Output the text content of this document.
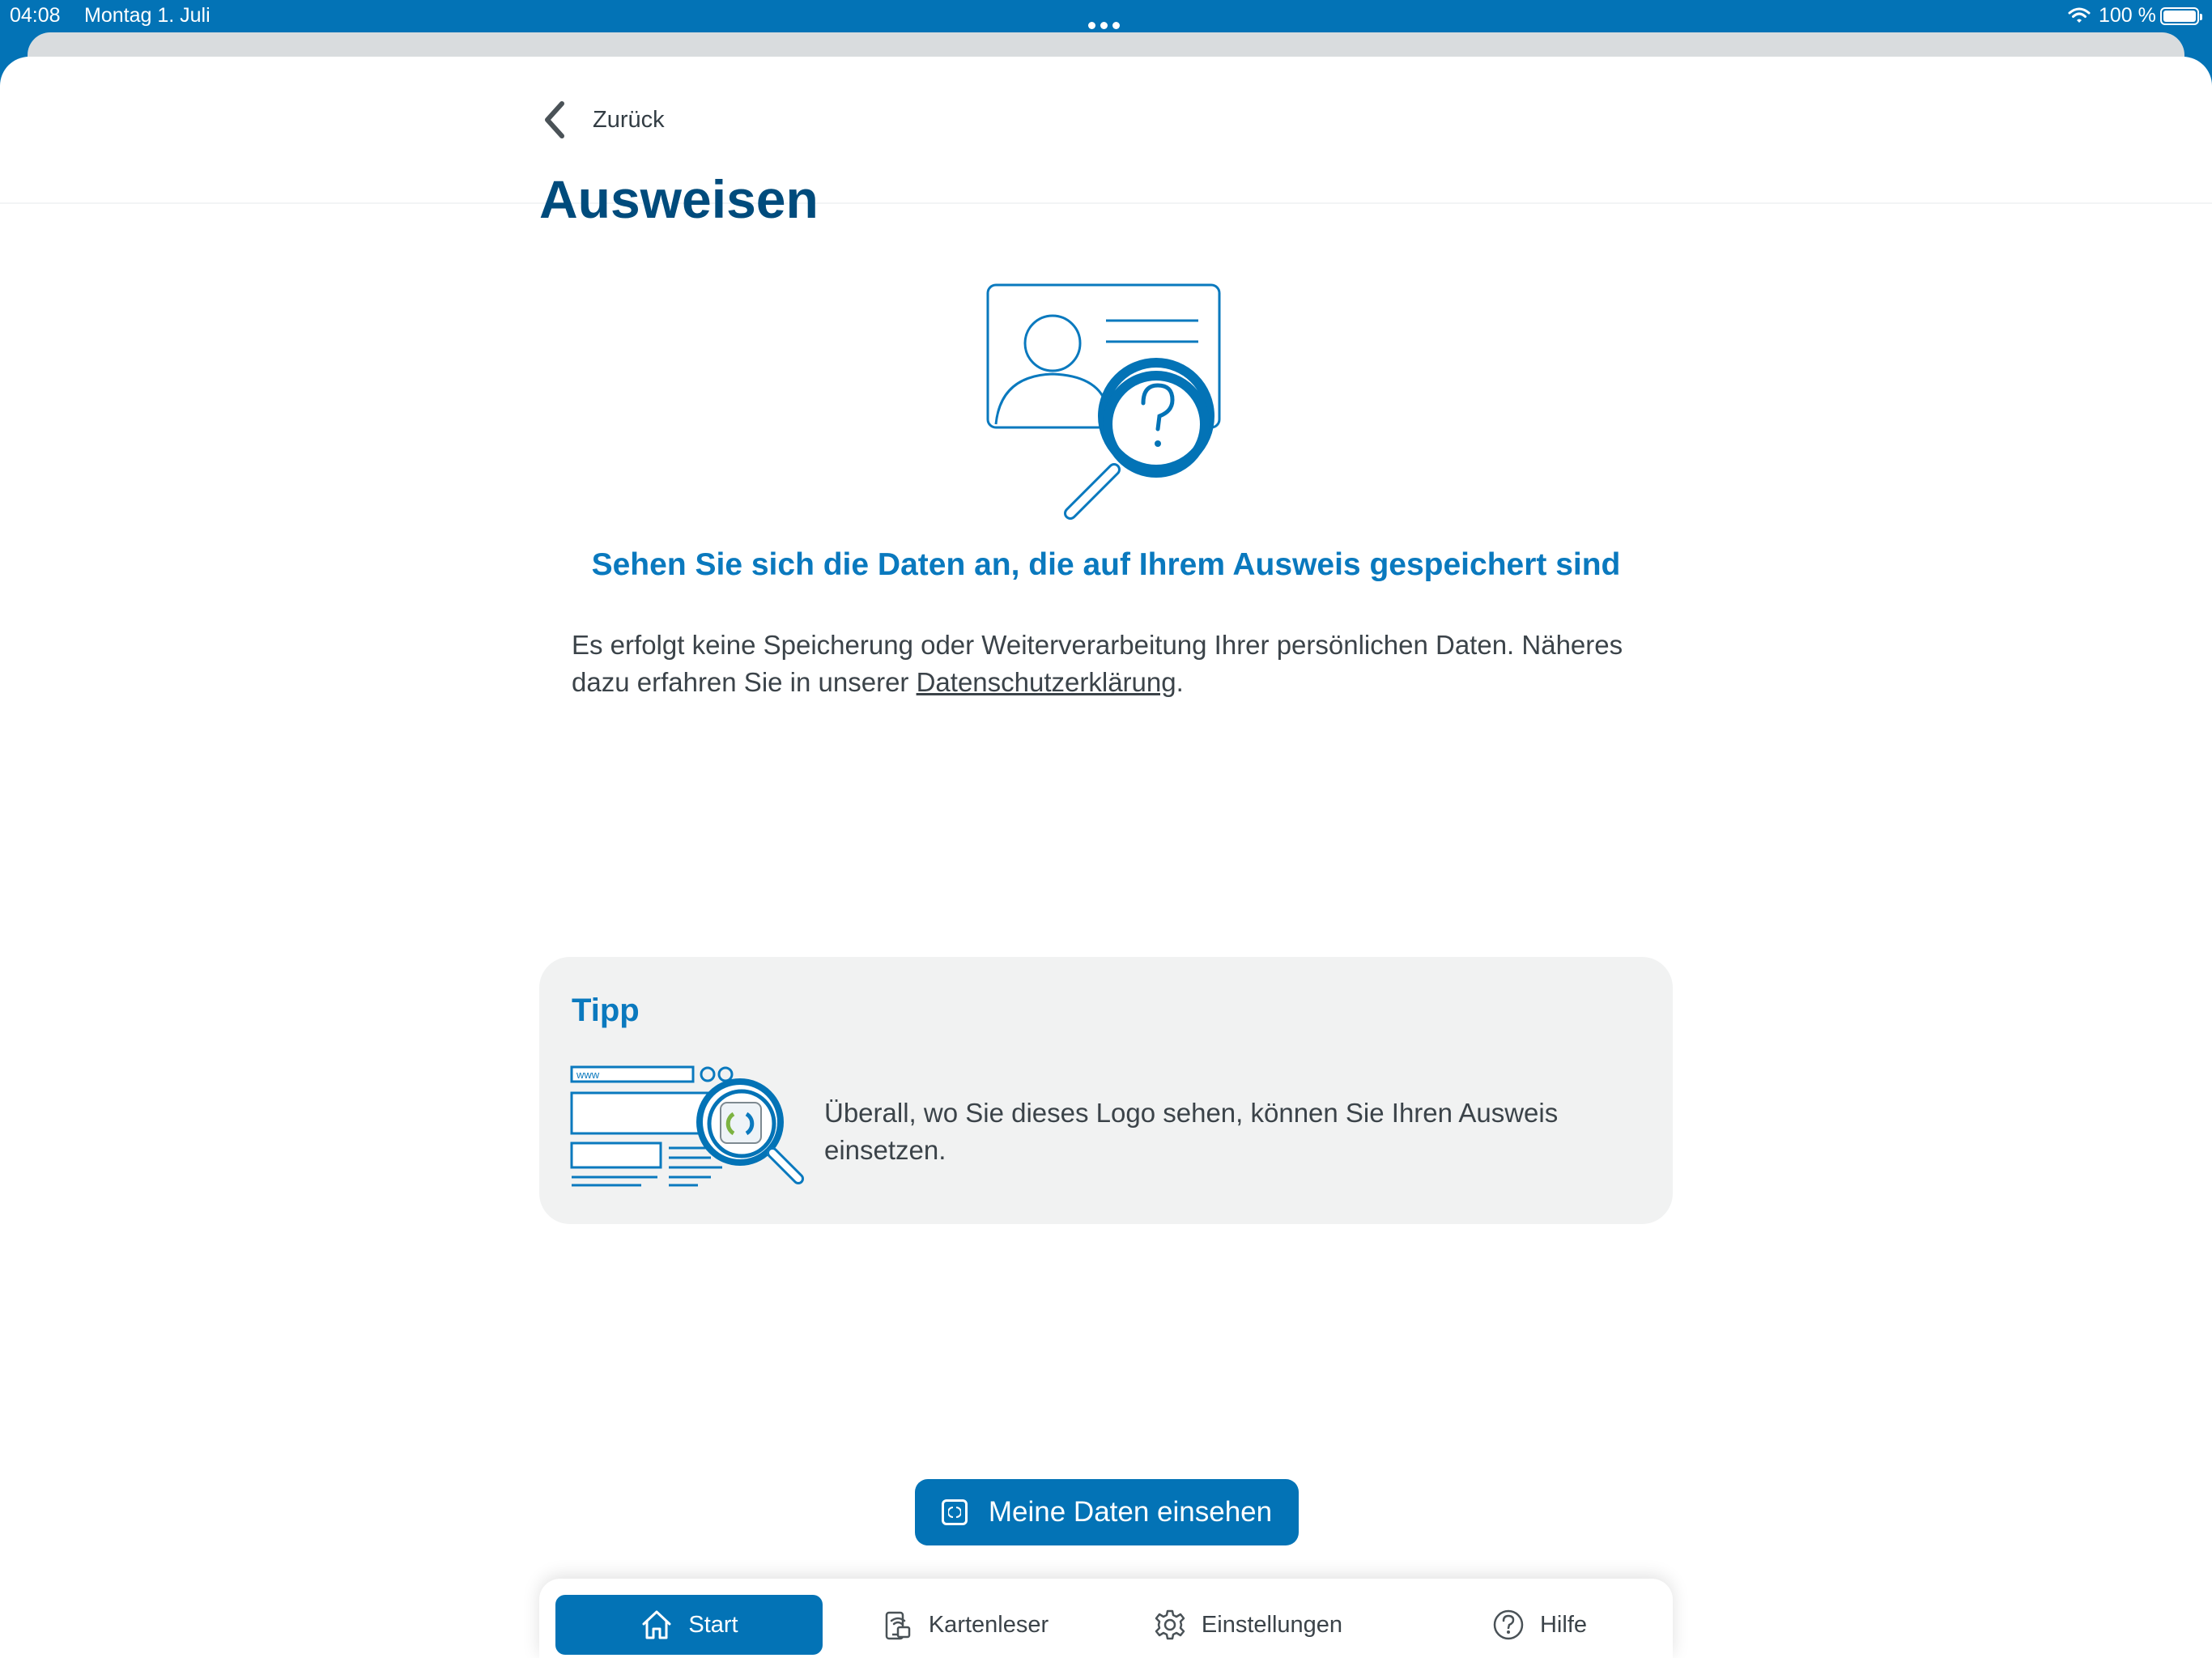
04:08 Montag 1. Juli	100 %
Zurück
Ausweisen
Sehen Sie sich die Daten an, die auf Ihrem Ausweis gespeichert sind

Es erfolgt keine Speicherung oder Weiterverarbeitung Ihrer persönlichen Daten. Näheres dazu erfahren Sie in unserer Datenschutzerklärung.

Tipp
www

Überall, wo Sie dieses Logo sehen, können Sie Ihren Ausweis einsetzen.

Meine Daten einsehen
Start	Kartenleser	Einstellungen	Hilfe
